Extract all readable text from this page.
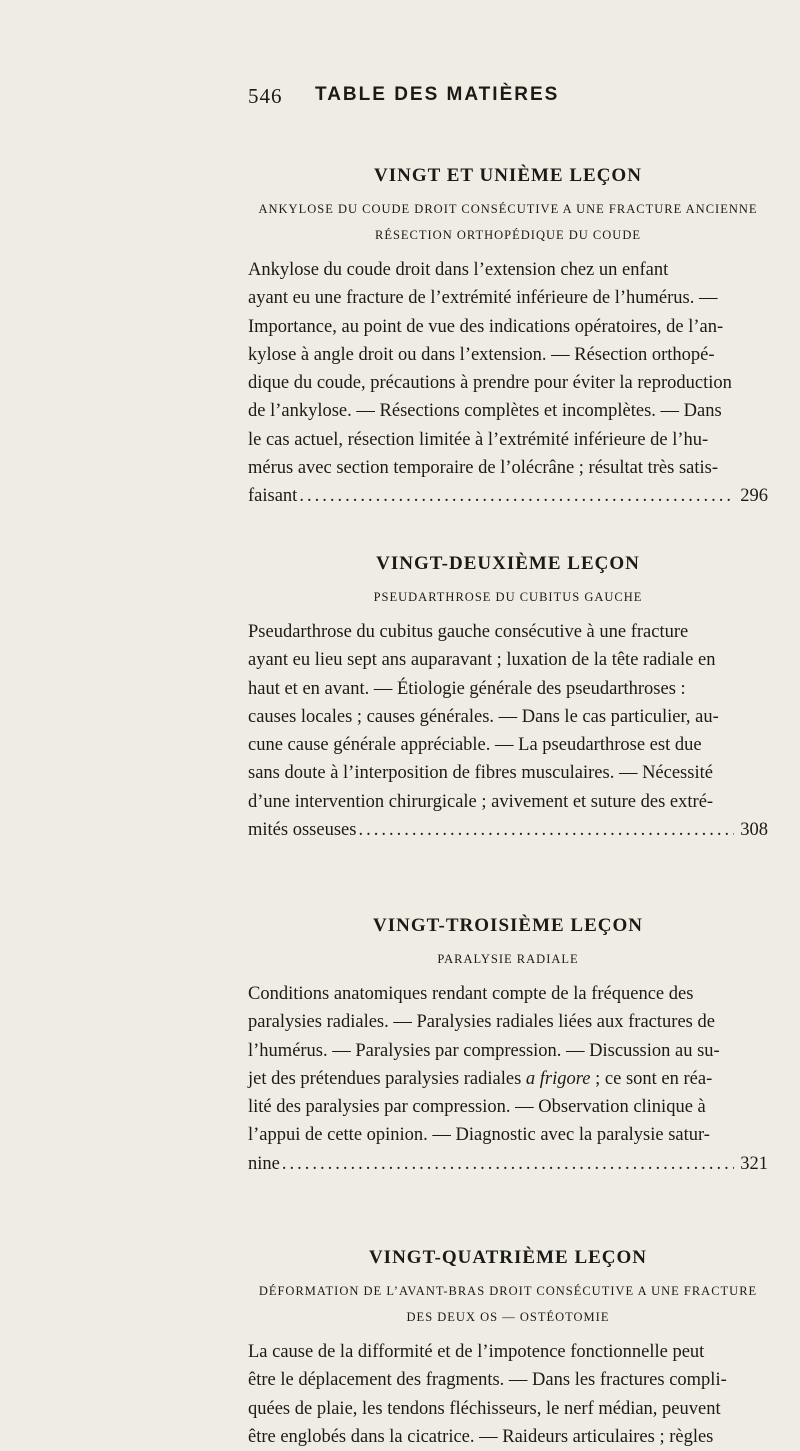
546 TABLE DES MATIÈRES
VINGT ET UNIÈME LEÇON
ANKYLOSE DU COUDE DROIT CONSÉCUTIVE A UNE FRACTURE ANCIENNE
RÉSECTION ORTHOPÉDIQUE DU COUDE
Ankylose du coude droit dans l’extension chez un enfant
ayant eu une fracture de l’extrémité inférieure de l’humérus. —
Importance, au point de vue des indications opératoires, de l’an-
kylose à angle droit ou dans l’extension. — Résection orthopé-
dique du coude, précautions à prendre pour éviter la reproduction
de l’ankylose. — Résections complètes et incomplètes. — Dans
le cas actuel, résection limitée à l’extrémité inférieure de l’hu-
mérus avec section temporaire de l’olécrâne ; résultat très satis-
faisant .....	296
VINGT-DEUXIÈME LEÇON
PSEUDARTHROSE DU CUBITUS GAUCHE
Pseudarthrose du cubitus gauche consécutive à une fracture
ayant eu lieu sept ans auparavant ; luxation de la tête radiale en
haut et en avant. — Étiologie générale des pseudarthroses :
causes locales ; causes générales. — Dans le cas particulier, au-
cune cause générale appréciable. — La pseudarthrose est due
sans doute à l’interposition de fibres musculaires. — Nécessité
d’une intervention chirurgicale ; avivement et suture des extré-
mités osseuses .....	308
VINGT-TROISIÈME LEÇON
PARALYSIE RADIALE
Conditions anatomiques rendant compte de la fréquence des
paralysies radiales. — Paralysies radiales liées aux fractures de
l’humérus. — Paralysies par compression. — Discussion au su-
jet des prétendues paralysies radiales a frigore ; ce sont en réa-
lité des paralysies par compression. — Observation clinique à
l’appui de cette opinion. — Diagnostic avec la paralysie satur-
nine .....	321
VINGT-QUATRIÈME LEÇON
DÉFORMATION DE L’AVANT-BRAS DROIT CONSÉCUTIVE A UNE FRACTURE
DES DEUX OS — OSTÉOTOMIE
La cause de la difformité et de l’impotence fonctionnelle peut
être le déplacement des fragments. — Dans les fractures compli-
quées de plaie, les tendons fléchisseurs, le nerf médian, peuvent
être englobés dans la cicatrice. — Raideurs articulaires ; règles
